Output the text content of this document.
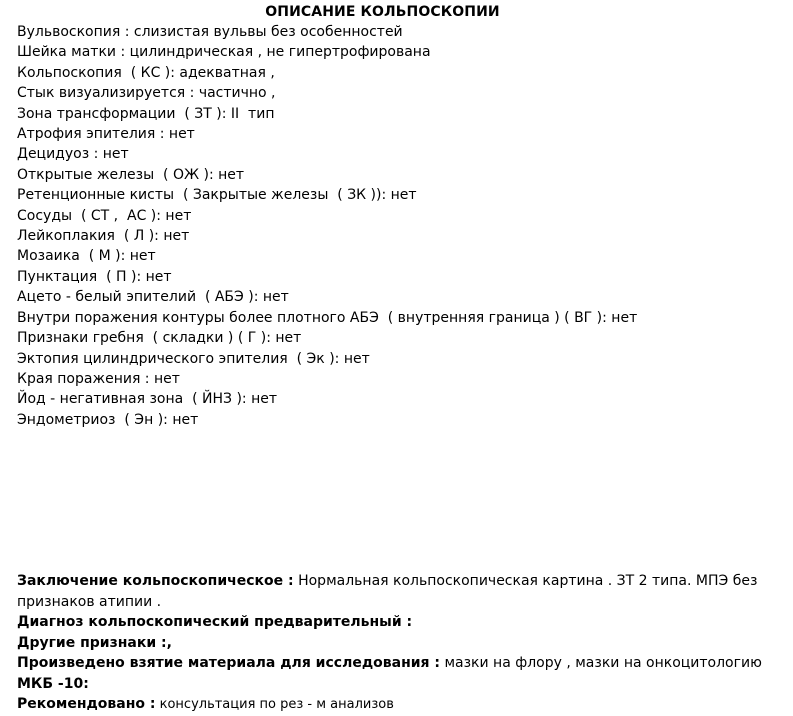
ОПИСАНИЕ КОЛЬПОСКОПИИ
Вульвоскопия : слизистая вульвы без особенностей
Шейка матки : цилиндрическая , не гипертрофирована
Кольпоскопия  ( КС ): адекватная ,
Стык визуализируется : частично ,
Зона трансформации  ( ЗТ ): II  тип
Атрофия эпителия : нет
Децидуоз : нет
Открытые железы  ( ОЖ ): нет
Ретенционные кисты  ( Закрытые железы  ( ЗК )): нет
Сосуды  ( СТ ,  АС ): нет
Лейкоплакия  ( Л ): нет
Мозаика  ( М ): нет
Пунктация  ( П ): нет
Ацето - белый эпителий  ( АБЭ ): нет
Внутри поражения контуры более плотного АБЭ  ( внутренняя граница ) ( ВГ ): нет
Признаки гребня  ( складки ) ( Г ): нет
Эктопия цилиндрического эпителия  ( Эк ): нет
Края поражения : нет
Йод - негативная зона  ( ЙНЗ ): нет
Эндометриоз  ( Эн ): нет
Заключение кольпоскопическое : Нормальная кольпоскопическая картина . ЗТ 2 типа. МПЭ без
признаков атипии .
Диагноз кольпоскопический предварительный :
Другие признаки :,
Произведено взятие материала для исследования : мазки на флору , мазки на онкоцитологию
МКБ -10:
Рекомендовано : консультация по рез - м анализов
